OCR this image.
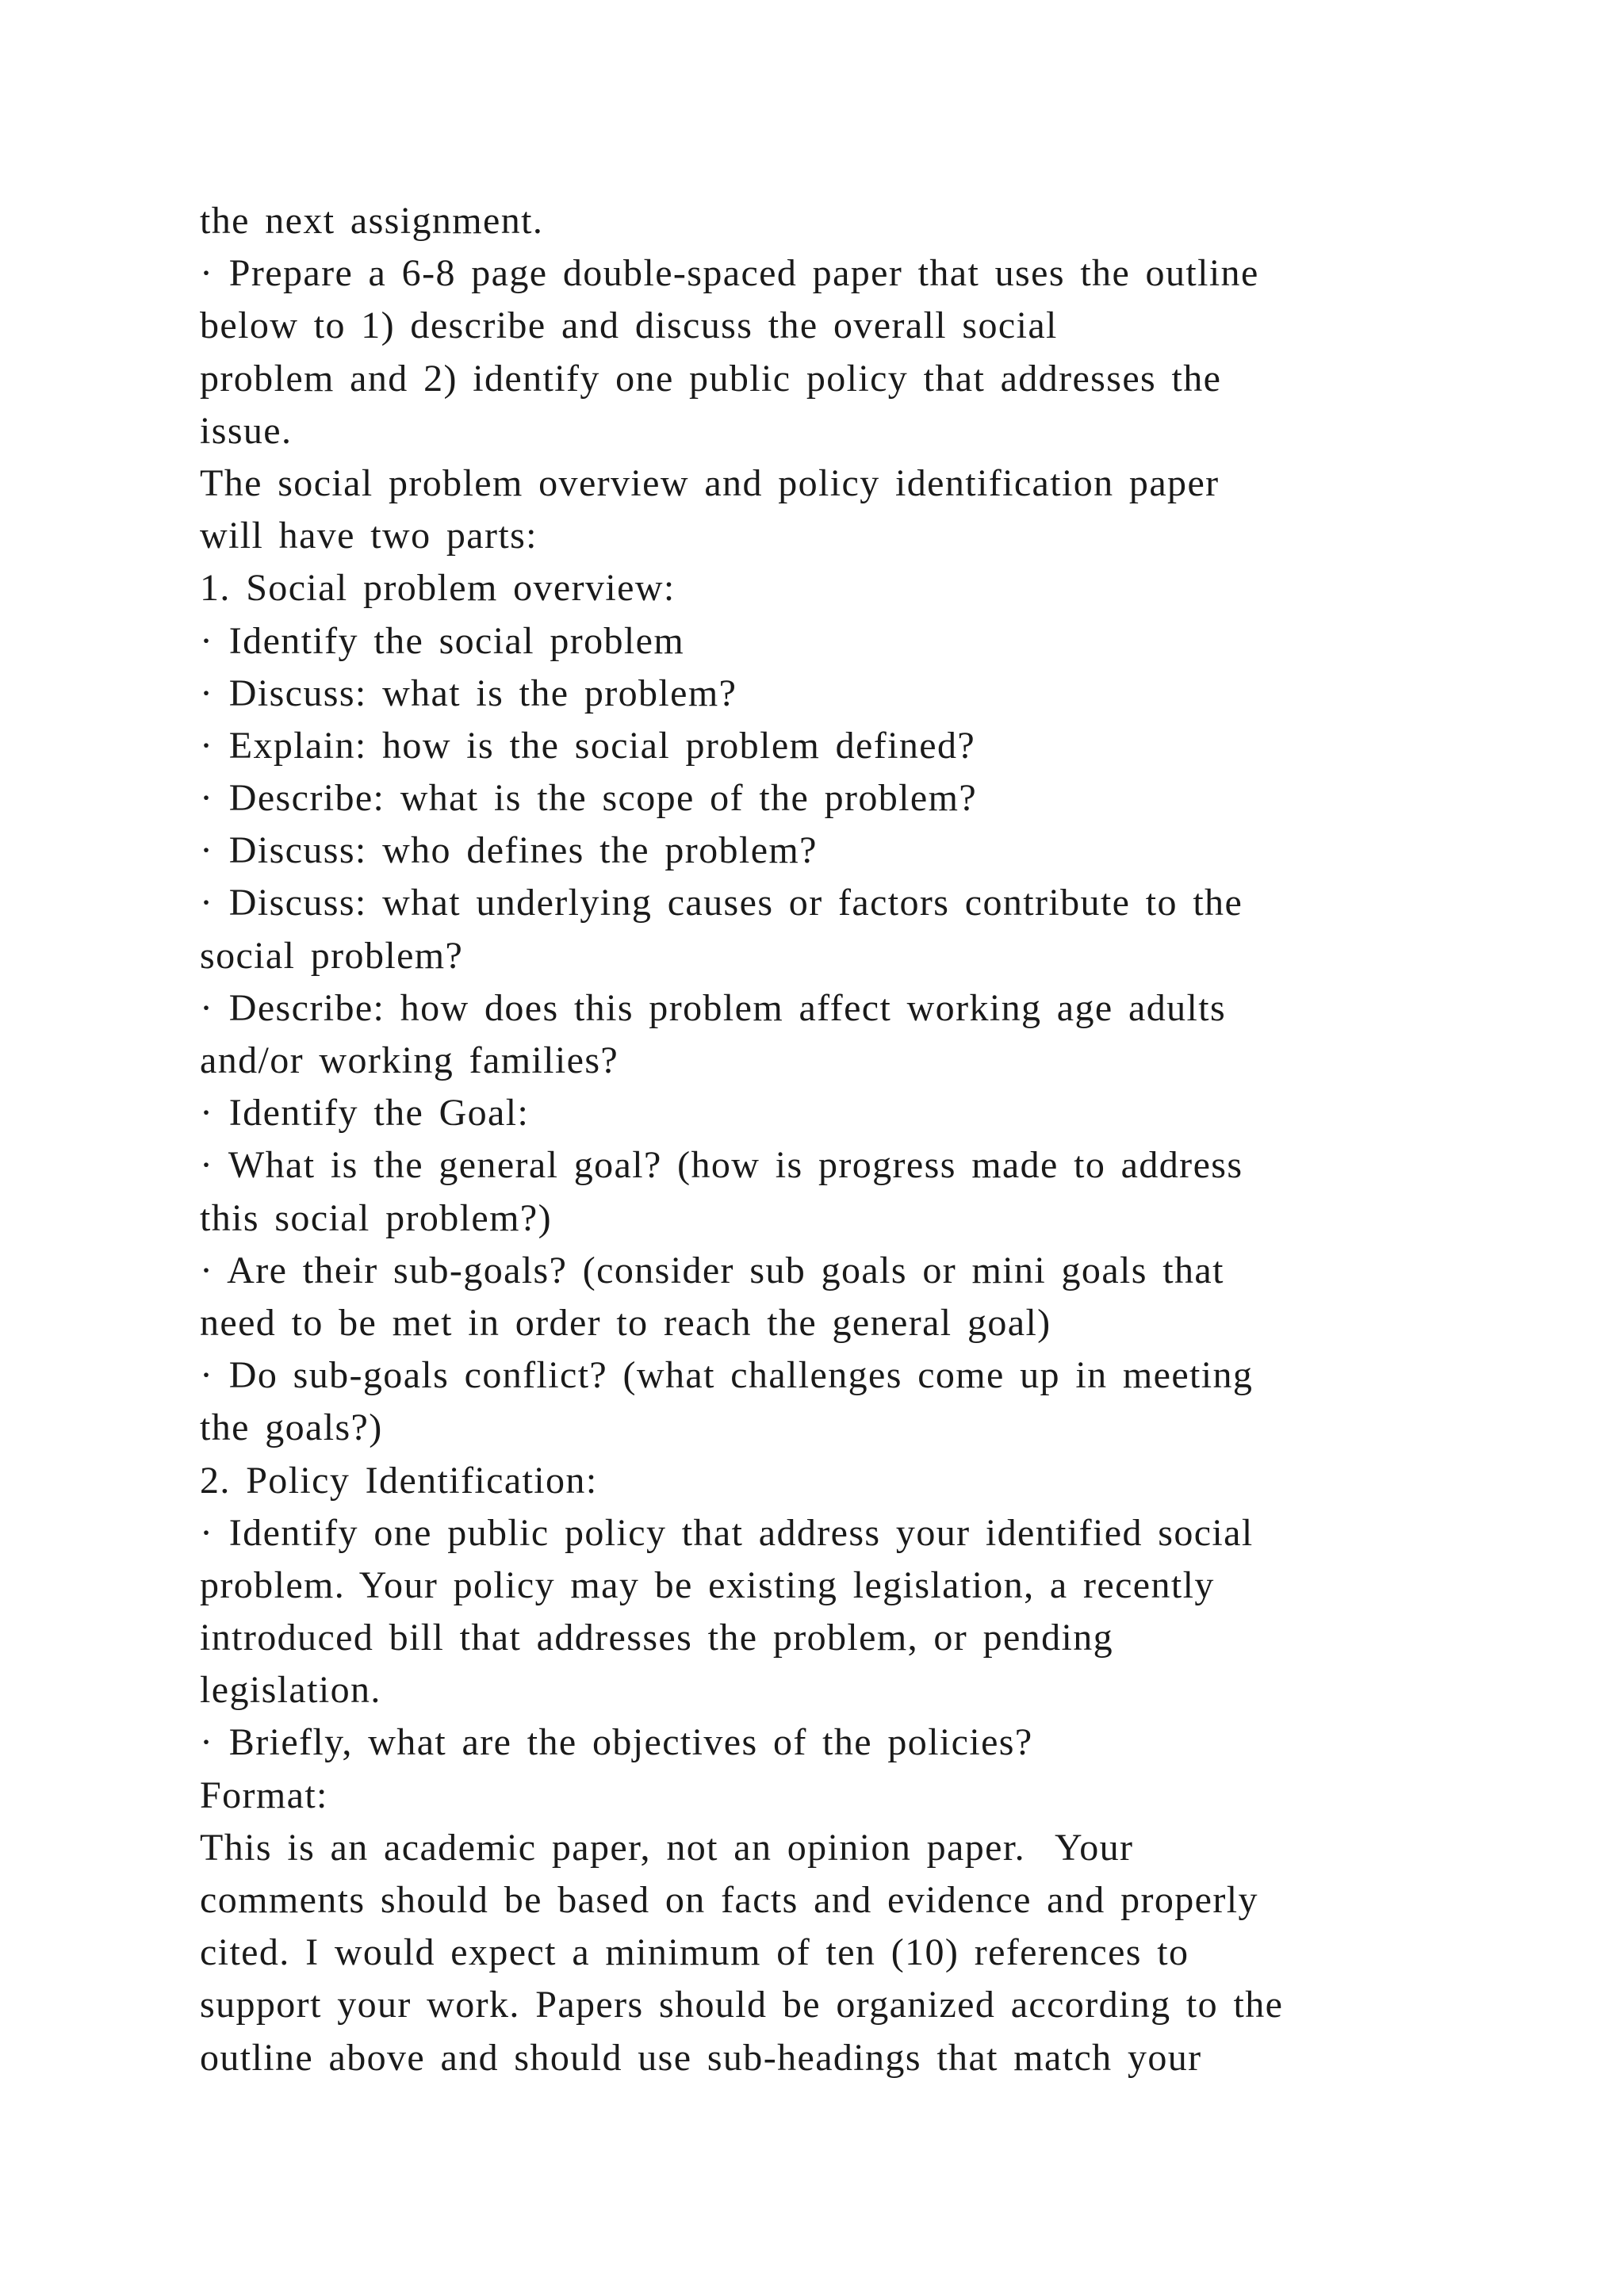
the next assignment.
· Prepare a 6-8 page double-spaced paper that uses the outline
below to 1) describe and discuss the overall social
problem and 2) identify one public policy that addresses the
issue.
The social problem overview and policy identification paper
will have two parts:
1. Social problem overview:
· Identify the social problem
· Discuss: what is the problem?
· Explain: how is the social problem defined?
· Describe: what is the scope of the problem?
· Discuss: who defines the problem?
· Discuss: what underlying causes or factors contribute to the
social problem?
· Describe: how does this problem affect working age adults
and/or working families?
· Identify the Goal:
· What is the general goal? (how is progress made to address
this social problem?)
· Are their sub-goals? (consider sub goals or mini goals that
need to be met in order to reach the general goal)
· Do sub-goals conflict? (what challenges come up in meeting
the goals?)
2. Policy Identification:
· Identify one public policy that address your identified social
problem. Your policy may be existing legislation, a recently
introduced bill that addresses the problem, or pending
legislation.
· Briefly, what are the objectives of the policies?
Format:
This is an academic paper, not an opinion paper.  Your
comments should be based on facts and evidence and properly
cited. I would expect a minimum of ten (10) references to
support your work. Papers should be organized according to the
outline above and should use sub-headings that match your
